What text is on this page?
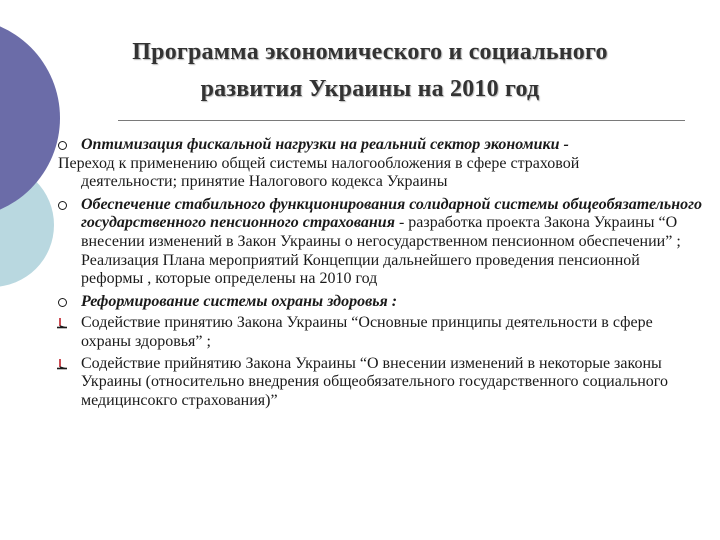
Программа экономического и социального
развития Украины на 2010 год
Оптимизация фискальной нагрузки на реальний сектор экономики -
Переход к применению общей системы налогообложения в сфере страховой
деятельности; принятие Налогового кодекса Украины
Обеспечение стабильного функционирования солидарной системы общеобязательного государственного пенсионного страхования - разработка проекта Закона Украины “О внесении изменений в Закон Украины о негосударственном пенсионном обеспечении” ; Реализация Плана мероприятий Концепции дальнейшего проведения пенсионной реформы , которые определены на 2010 год
Реформирование системы охраны здоровья :
Содействие принятию Закона Украины “Основные принципы деятельности в сфере охраны здоровья” ;
Содействие прийнятию Закона Украины “О внесении изменений в некоторые законы Украины (относительно внедрения общеобязательного государственного социального медицинсокго страхования)”
